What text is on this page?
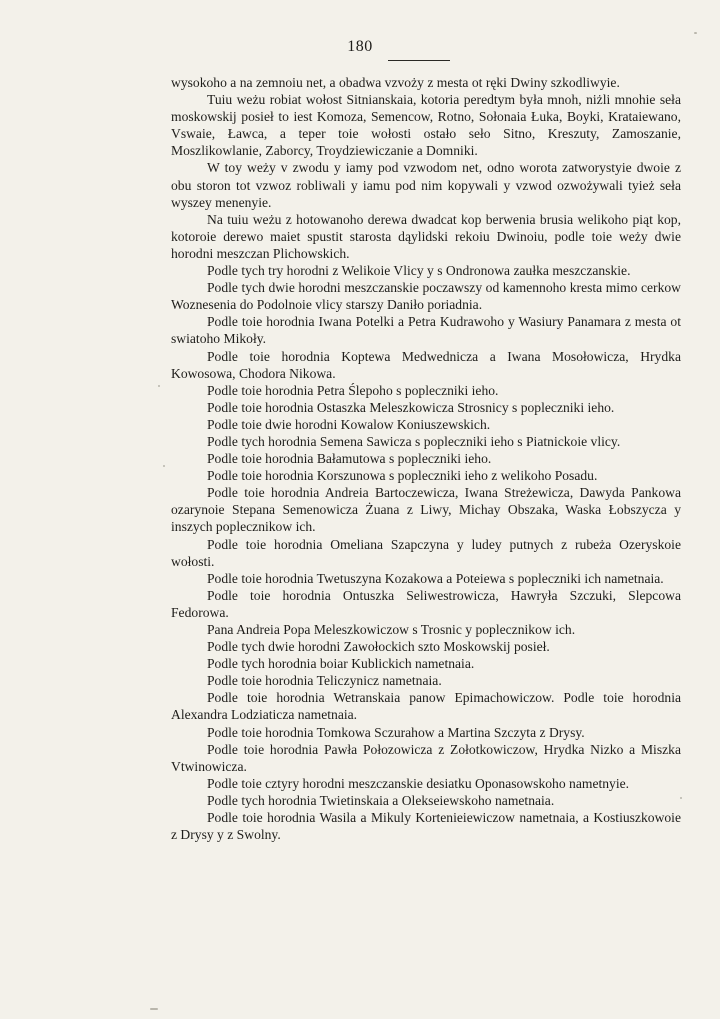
180

wysokoho a na zemnoiu net, a obadwa vzvożу z mesta ot ręki Dwiny szkodliwyie.

Tuiu weżu robiat wołost Sitnianskaia, kotoria peredtym była mnoh, niżli mnohie seła moskowskij posieł to iest Komoza, Semencow, Rotno, Sołonaia Łuka, Boyki, Krataiewano, Vswaie, Ławca, a teper toie wołosti ostało seło Sitno, Kreszuty, Zamoszanie, Moszlikowlanie, Zaborcy, Troydziewiczanie a Domniki.

W toy weży v zwodu y iamy pod vzwodom net, odno worota zatworystyie dwoie z obu storon tot vzwoz robliwali y iamu pod nim kopywali y vzwod ozwożywali tyież seła wyszey menenyie.

Na tuiu weżu z hotowanoho derewa dwadcat kop berwenia brusia welikoho piąt kop, kotoroie derewo maiet spustit starosta dąylidski rekoiu Dwinoiu, podle toie weży dwie horodni meszczan Plichowskich.

Podle tych try horodni z Welikoie Vlicy y s Ondronowa zaułka meszczanskie.

Podle tych dwie horodni meszczanskie poczawszy od kamennoho kresta mimo cerkow Woznesenia do Podolnoie vlicy starszy Daniło poriadnia.

Podle toie horodnia Iwana Potelki a Petra Kudrawoho y Wasiury Panamara z mesta ot swiatoho Mikoły.

Podle toie horodnia Koptewa Medwednicza a Iwana Mosołowicza, Hrydka Kowosowa, Chodora Nikowa.

Podle toie horodnia Petra Ślepoho s poplecznikі ieho.

Podle toie horodnia Ostaszka Meleszkowicza Strosnicy s poplecznikі ieho.

Podle toie dwie horodni Kowalow Koniuszewskich.

Podle tych horodnia Semena Sawicza s poplecznikі ieho s Piatnickoie vlicy.

Podle toie horodnia Bałamutowa s poplecznikі ieho.

Podle toie horodnia Korszunowa s poplecznikі ieho z welikoho Posadu.

Podle toie horodnia Andreia Bartoczewicza, Iwana Streżewicza, Dawyda Pankowa ozarynoie Stepana Semenowicza Żuana z Liwy, Michay Obszaka, Waska Łobszycza y inszych poplecznikow ich.

Podle toie horodnia Omeliana Szapczyna y ludey putnych z rubeża Ozeryskoie wołosti.

Podle toie horodnia Twetuszyna Kozakowa a Poteiewa s poplecznikі ich nametnaia.

Podle toie horodnia Ontuszka Seliwestrowicza, Hawryła Szczuki, Slepcowa Fedorowa.

Pana Andreia Popa Meleszkowiczow s Trosnic y poplecznikow ich.

Podle tych dwie horodni Zawołockich szto Moskowskij posieł.

Podle tych horodnia boiar Kublickich nametnaia.

Podle toie horodnia Teliczynicz nametnaia.

Podle toie horodnia Wetranskaia panow Epimachowiczow. Podle toie horodnia Alexandra Lodziaticza nametnaia.

Podle toie horodnia Tomkowa Sczurahow a Martina Szczyta z Drysy.

Podle toie horodnia Pawła Połozowicza z Zołotkowiczow, Hrydka Nizko a Miszka Vtwinowicza.

Podle toie cztyry horodni meszczanskie desiatku Oponasowskoho nametnyie.

Podle tych horodnia Twietinskaia a Olekseiewskoho nametnaia.

Podle toie horodnia Wasila a Mikuly Kortenieiewiczow nametnaia, a Kostiuszkowoie z Drysy y z Swolny.
